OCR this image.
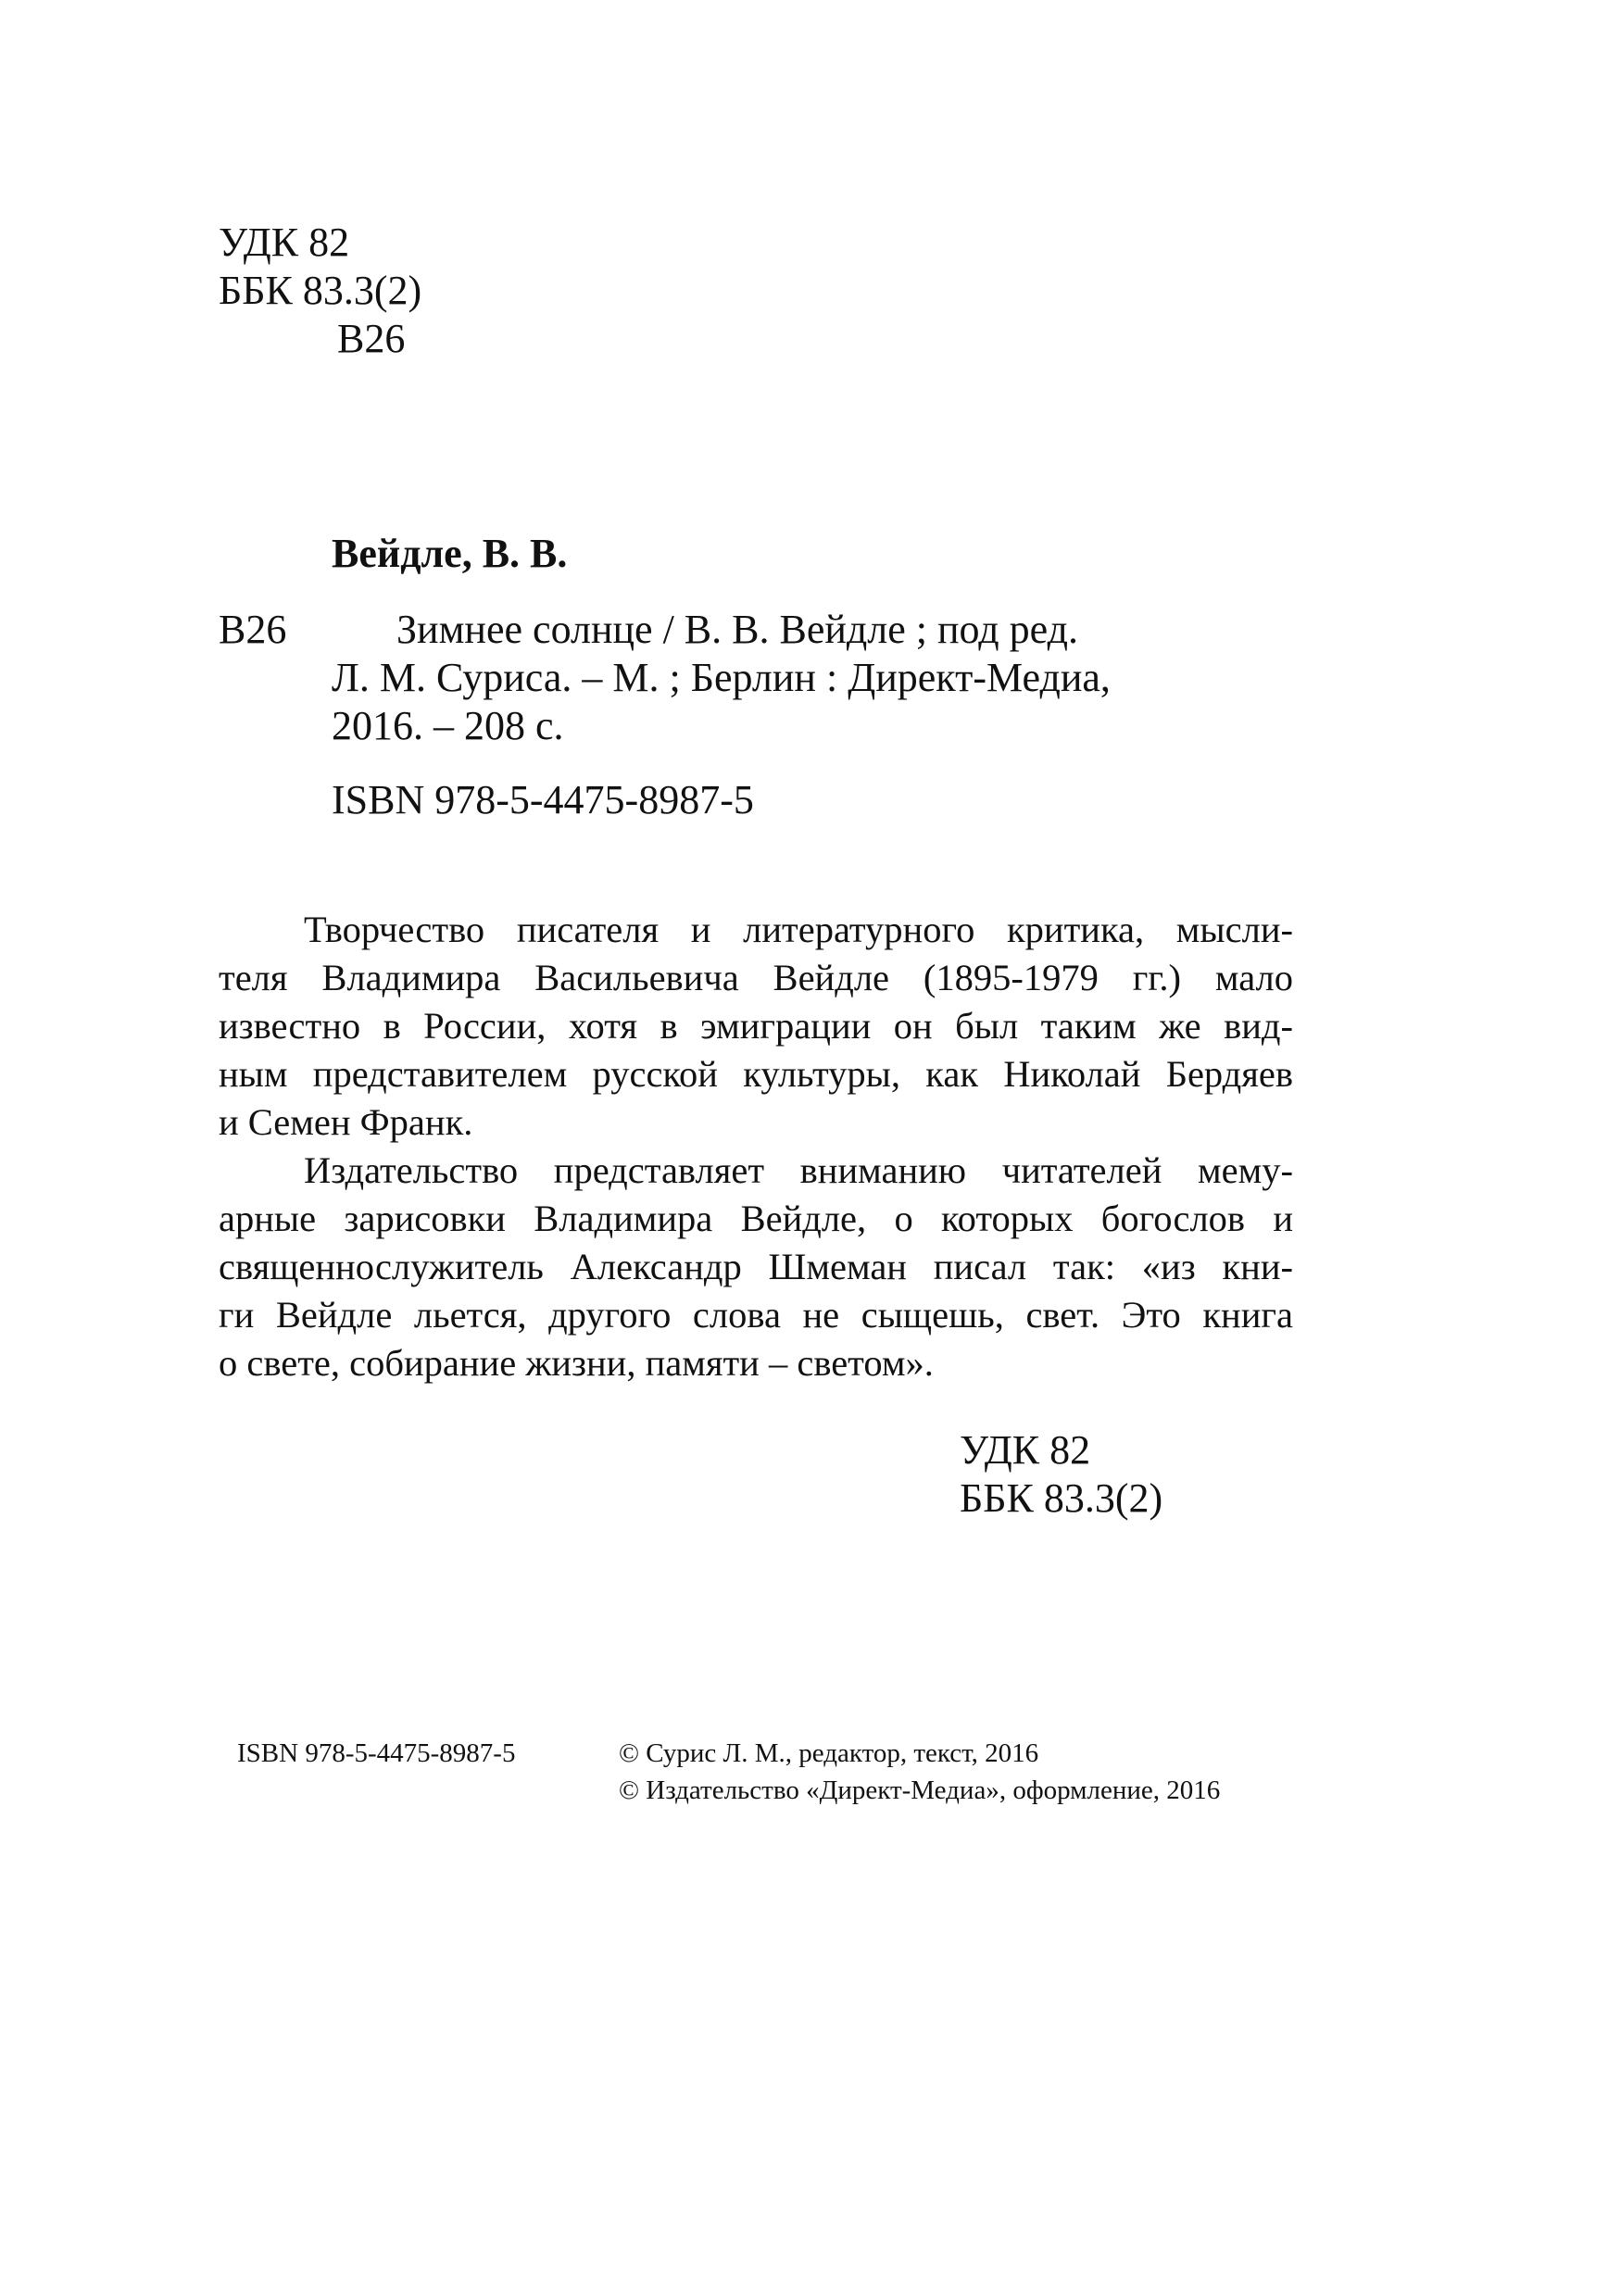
УДК 82
ББК 83.3(2)
В26
Вейдле, В. В.
В26	Зимнее солнце / В. В. Вейдле ; под ред.
Л. М. Суриса. – М. ; Берлин : Директ-Медиа,
2016. – 208 с.
ISBN 978-5-4475-8987-5
Творчество писателя и литературного критика, мысли-
теля Владимира Васильевича Вейдле (1895-1979 гг.) мало
известно в России, хотя в эмиграции он был таким же вид-
ным представителем русской культуры, как Николай Бердяев
и Семен Франк.
Издательство представляет вниманию читателей мему-
арные зарисовки Владимира Вейдле, о которых богослов и
священнослужитель Александр Шмеман писал так: «из кни-
ги Вейдле льется, другого слова не сыщешь, свет. Это книга
о свете, собирание жизни, памяти – светом».
УДК 82
ББК 83.3(2)
ISBN 978-5-4475-8987-5	© Сурис Л. М., редактор, текст, 2016
© Издательство «Директ-Медиа», оформление, 2016
